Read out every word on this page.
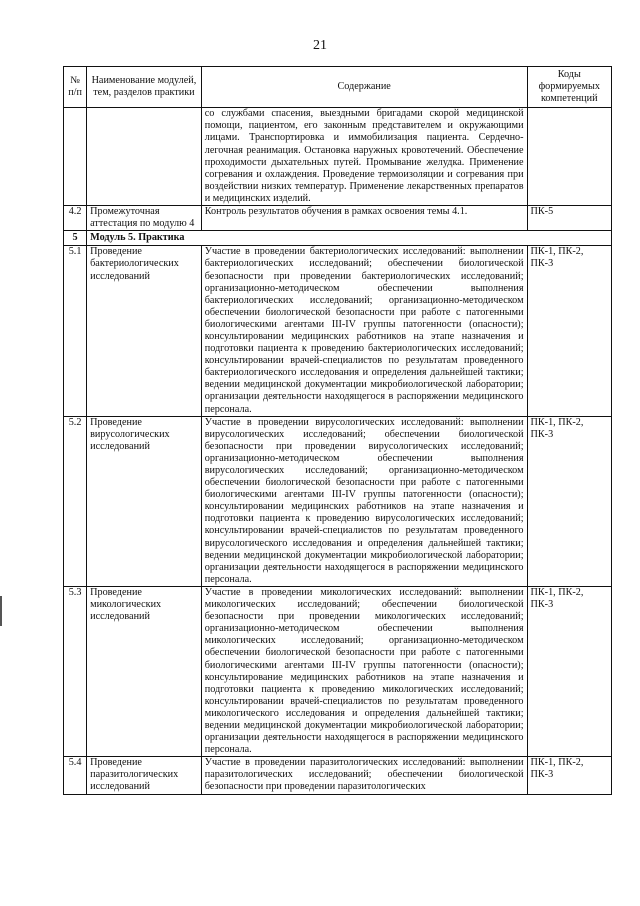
21
№ п/п	Наименование модулей, тем, разделов практики	Содержание	Коды формируемых компетенций
		со службами спасения, выездными бригадами скорой медицинской помощи, пациентом, его законным представителем и окружающими лицами. Транспортировка и иммобилизация пациента. Сердечно-легочная реанимация. Остановка наружных кровотечений. Обеспечение проходимости дыхательных путей. Промывание желудка. Применение согревания и охлаждения. Проведение термоизоляции и согревания при воздействии низких температур. Применение лекарственных препаратов и медицинских изделий.	
4.2	Промежуточная аттестация по модулю 4	Контроль результатов обучения в рамках освоения темы 4.1.	ПК-5
5	Модуль 5. Практика		
5.1	Проведение бактериологических исследований	Участие в проведении бактериологических исследований: выполнении бактериологических исследований; обеспечении биологической безопасности при проведении бактериологических исследований; организационно-методическом обеспечении выполнения бактериологических исследований; организационно-методическом обеспечении биологической безопасности при работе с патогенными биологическими агентами III-IV группы патогенности (опасности); консультировании медицинских работников на этапе назначения и подготовки пациента к проведению бактериологических исследований; консультировании врачей-специалистов по результатам проведенного бактериологического исследования и определения дальнейшей тактики; ведении медицинской документации микробиологической лаборатории; организации деятельности находящегося в распоряжении медицинского персонала.	ПК-1, ПК-2, ПК-3
5.2	Проведение вирусологических исследований	Участие в проведении вирусологических исследований: выполнении вирусологических исследований; обеспечении биологической безопасности при проведении вирусологических исследований; организационно-методическом обеспечении выполнения вирусологических исследований; организационно-методическом обеспечении биологической безопасности при работе с патогенными биологическими агентами III-IV группы патогенности (опасности); консультировании медицинских работников на этапе назначения и подготовки пациента к проведению вирусологических исследований; консультировании врачей-специалистов по результатам проведенного вирусологического исследования и определения дальнейшей тактики; ведении медицинской документации микробиологической лаборатории; организации деятельности находящегося в распоряжении медицинского персонала.	ПК-1, ПК-2, ПК-3
5.3	Проведение микологических исследований	Участие в проведении микологических исследований: выполнении микологических исследований; обеспечении биологической безопасности при проведении микологических исследований; организационно-методическом обеспечении выполнения микологических исследований; организационно-методическом обеспечении биологической безопасности при работе с патогенными биологическими агентами III-IV группы патогенности (опасности); консультирование медицинских работников на этапе назначения и подготовки пациента к проведению микологических исследований; консультировании врачей-специалистов по результатам проведенного микологического исследования и определения дальнейшей тактики; ведении медицинской документации микробиологической лаборатории; организации деятельности находящегося в распоряжении медицинского персонала.	ПК-1, ПК-2, ПК-3
5.4	Проведение паразитологических исследований	Участие в проведении паразитологических исследований: выполнении паразитологических исследований; обеспечении биологической безопасности при проведении паразитологических	ПК-1, ПК-2, ПК-3
